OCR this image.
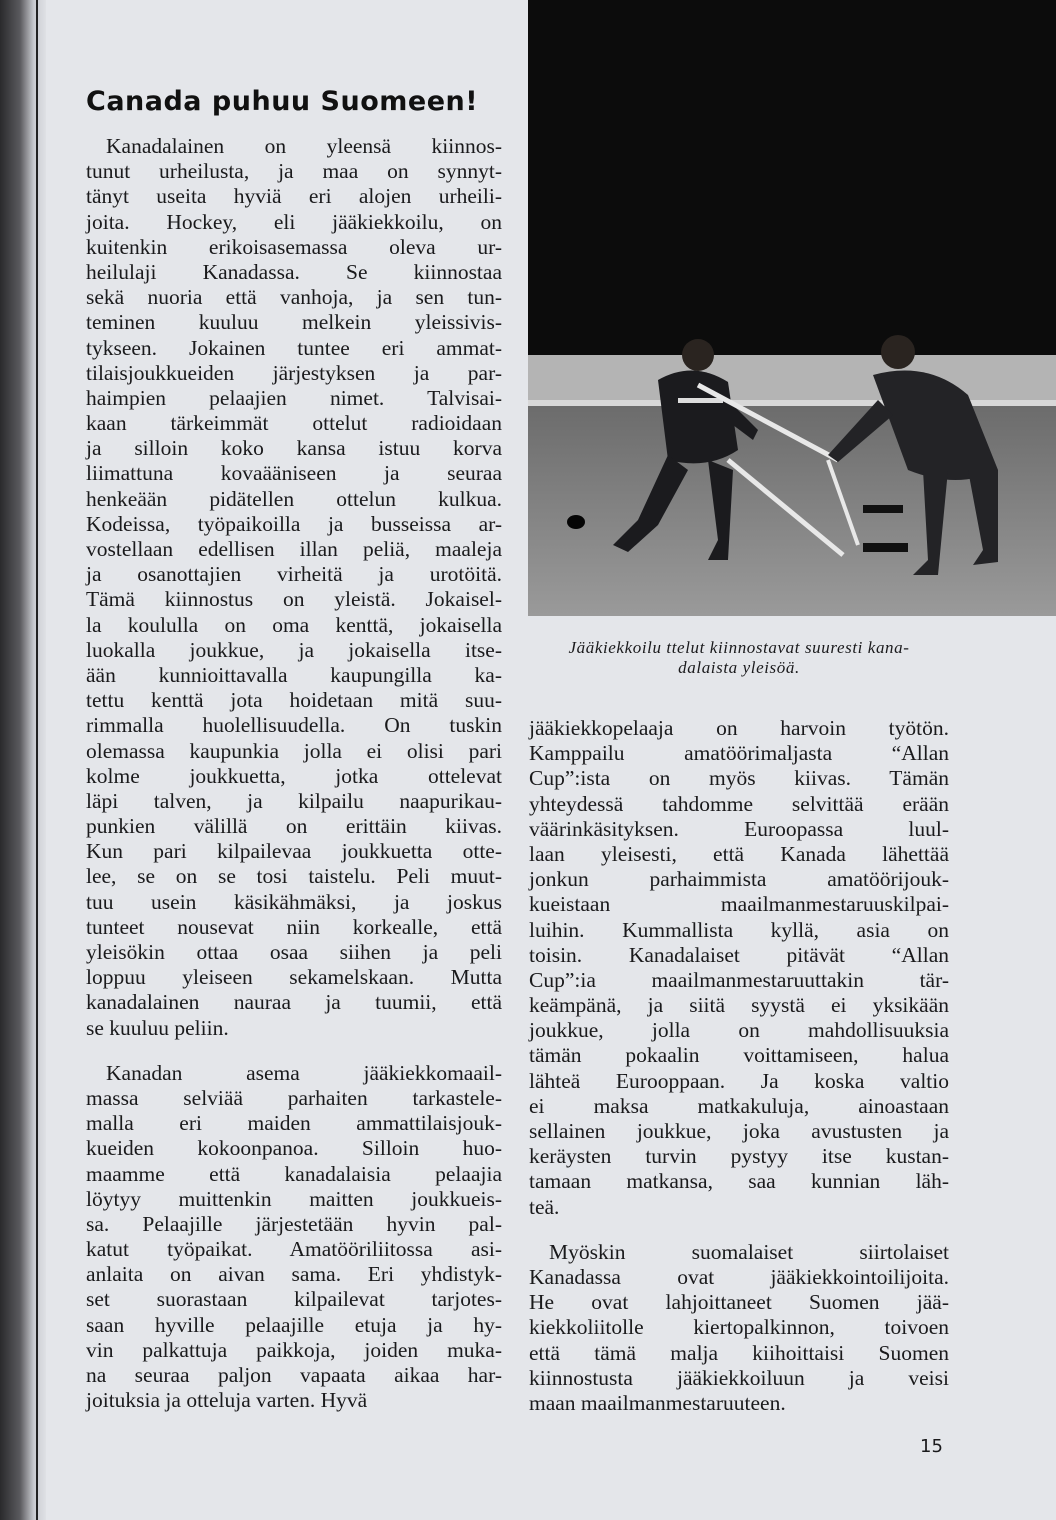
Canada puhuu Suomeen!
Kanadalainen on yleensä kiinnos-
tunut urheilusta, ja maa on synnyt-
tänyt useita hyviä eri alojen urheili-
joita. Hockey, eli jääkiekkoilu, on
kuitenkin erikoisasemassa oleva ur-
heilulaji Kanadassa. Se kiinnostaa
sekä nuoria että vanhoja, ja sen tun-
teminen kuuluu melkein yleissivis-
tykseen. Jokainen tuntee eri ammat-
tilaisjoukkueiden järjestyksen ja par-
haimpien pelaajien nimet. Talvisai-
kaan tärkeimmät ottelut radioidaan
ja silloin koko kansa istuu korva
liimattuna kovaääniseen ja seuraa
henkeään pidätellen ottelun kulkua.
Kodeissa, työpaikoilla ja busseissa ar-
vostellaan edellisen illan peliä, maaleja
ja osanottajien virheitä ja urotöitä.
Tämä kiinnostus on yleistä. Jokaisel-
la koululla on oma kenttä, jokaisella
luokalla joukkue, ja jokaisella itse-
ään kunnioittavalla kaupungilla ka-
tettu kenttä jota hoidetaan mitä suu-
rimmalla huolellisuudella. On tuskin
olemassa kaupunkia jolla ei olisi pari
kolme joukkuetta, jotka ottelevat
läpi talven, ja kilpailu naapurikau-
punkien välillä on erittäin kiivas.
Kun pari kilpailevaa joukkuetta otte-
lee, se on se tosi taistelu. Peli muut-
tuu usein käsikähmäksi, ja joskus
tunteet nousevat niin korkealle, että
yleisökin ottaa osaa siihen ja peli
loppuu yleiseen sekamelskaan. Mutta
kanadalainen nauraa ja tuumii, että
se kuuluu peliin.
Kanadan asema jääkiekkomaail-
massa selviää parhaiten tarkastele-
malla eri maiden ammattilaisjouk-
kueiden kokoonpanoa. Silloin huo-
maamme että kanadalaisia pelaajia
löytyy muittenkin maitten joukkueis-
sa. Pelaajille järjestetään hyvin pal-
katut työpaikat. Amatööriliitossa asi-
anlaita on aivan sama. Eri yhdistyk-
set suorastaan kilpailevat tarjotes-
saan hyville pelaajille etuja ja hy-
vin palkattuja paikkoja, joiden muka-
na seuraa paljon vapaata aikaa har-
joituksia ja otteluja varten. Hyvä
jääkiekkopelaaja on harvoin työtön.
Kamppailu amatöörimaljasta “Allan
Cup”:ista on myös kiivas. Tämän
yhteydessä tahdomme selvittää erään
väärinkäsityksen. Euroopassa luul-
laan yleisesti, että Kanada lähettää
jonkun parhaimmista amatöörijouk-
kueistaan maailmanmestaruuskilpai-
luihin. Kummallista kyllä, asia on
toisin. Kanadalaiset pitävät “Allan
Cup”:ia maailmanmestaruuttakin tär-
keämpänä, ja siitä syystä ei yksikään
joukkue, jolla on mahdollisuuksia
tämän pokaalin voittamiseen, halua
lähteä Eurooppaan. Ja koska valtio
ei maksa matkakuluja, ainoastaan
sellainen joukkue, joka avustusten ja
keräysten turvin pystyy itse kustan-
tamaan matkansa, saa kunnian läh-
teä.
Myöskin suomalaiset siirtolaiset
Kanadassa ovat jääkiekkointoilijoita.
He ovat lahjoittaneet Suomen jää-
kiekkoliitolle kiertopalkinnon, toivoen
että tämä malja kiihoittaisi Suomen
kiinnostusta jääkiekkoiluun ja veisi
maan maailmanmestaruuteen.
Jääkiekkoilu ttelut kiinnostavat suuresti kana-
dalaista yleisöä.
15
